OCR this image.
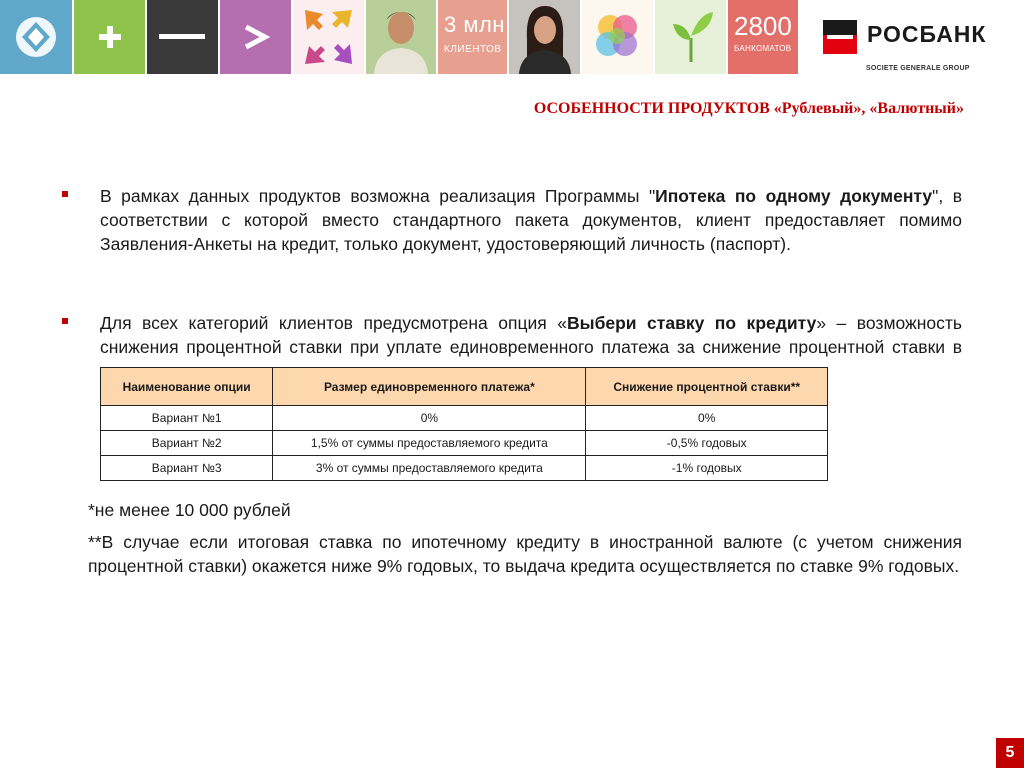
3 млн
КЛИЕНТОВ
2800
БАНКОМАТОВ
РОСБАНК
SOCIETE GENERALE GROUP
ОСОБЕННОСТИ ПРОДУКТОВ «Рублевый», «Валютный»
В рамках данных продуктов возможна реализация Программы "Ипотека по одному документу", в соответствии с которой вместо стандартного пакета документов, клиент предоставляет помимо Заявления-Анкеты на кредит, только документ, удостоверяющий личность (паспорт).
Для всех категорий клиентов предусмотрена опция «Выбери ставку по кредиту» – возможность снижения процентной ставки при уплате единовременного платежа за снижение процентной ставки в
Наименование опции	Размер единовременного платежа*	Снижение процентной ставки**
Вариант №1	0%	0%
Вариант №2	1,5% от суммы предоставляемого кредита	-0,5% годовых
Вариант №3	3% от суммы предоставляемого кредита	-1% годовых
*не менее 10 000 рублей
**В случае если итоговая ставка по ипотечному кредиту в иностранной валюте (с учетом снижения процентной ставки) окажется ниже 9% годовых, то выдача кредита осуществляется по ставке 9% годовых.
5
